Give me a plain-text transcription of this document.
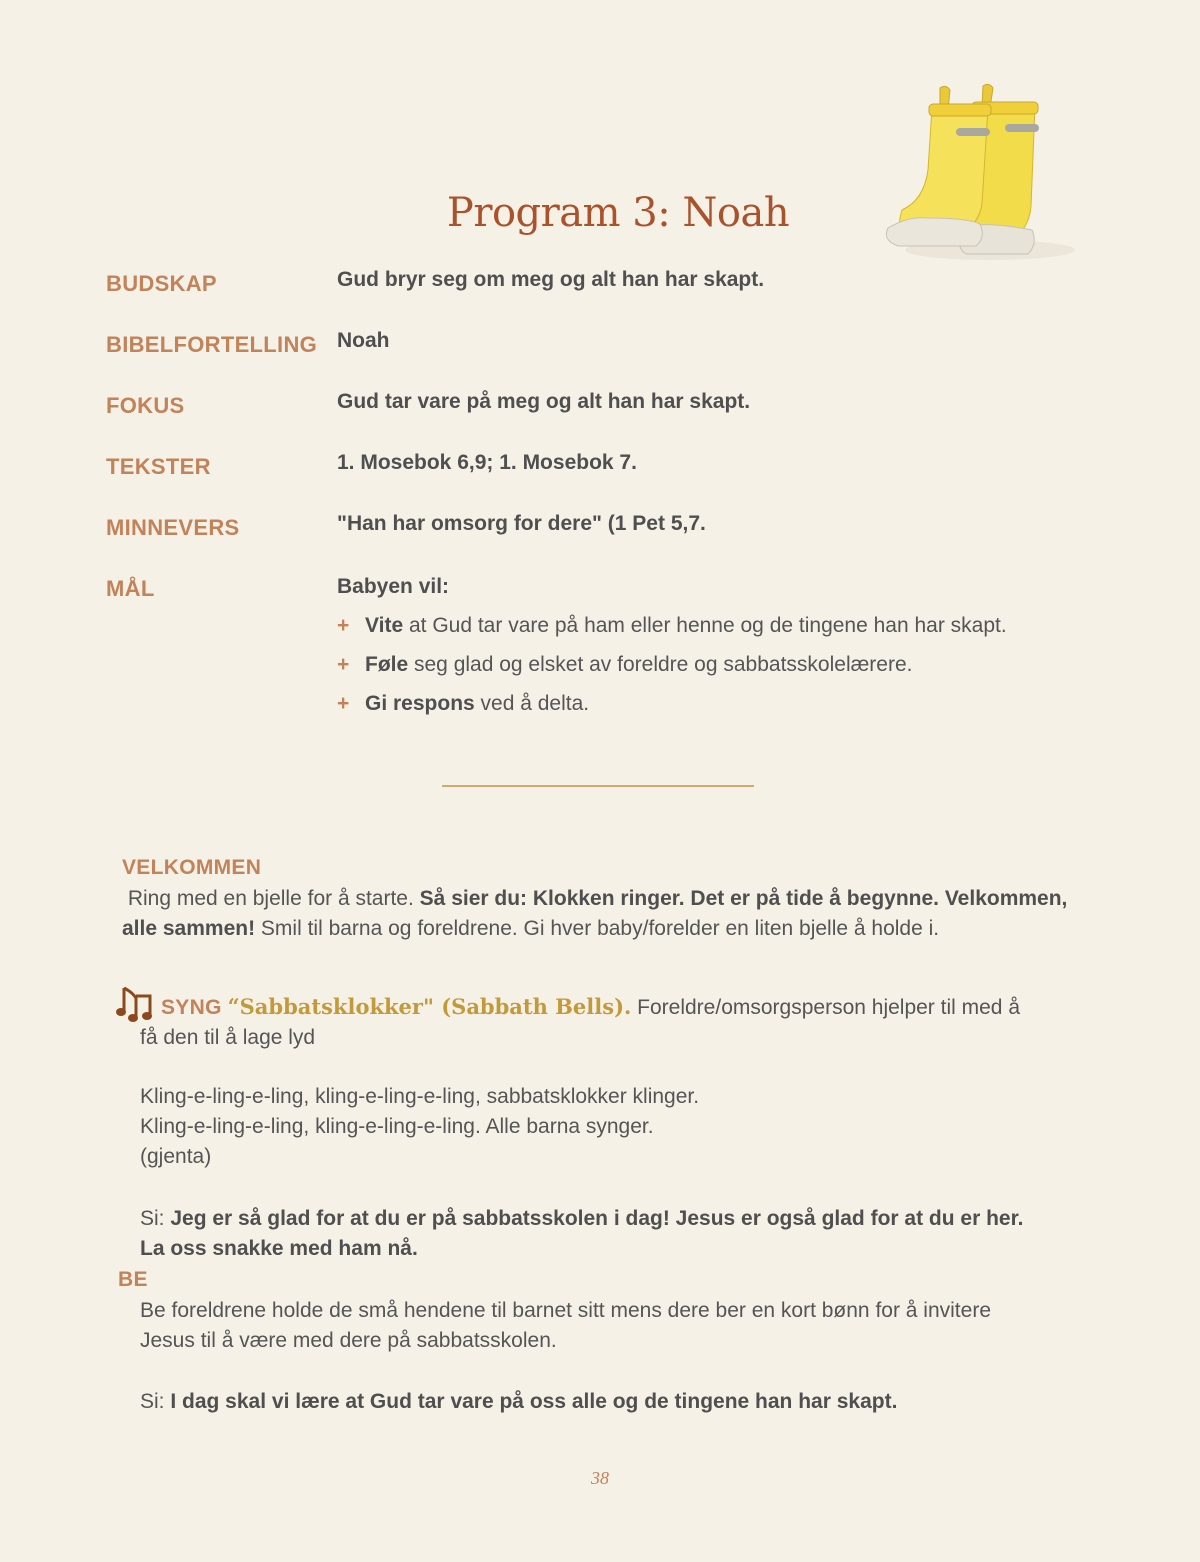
Program 3: Noah
BUDSKAP	Gud bryr seg om meg og alt han har skapt.
BIBELFORTELLING Noah
FOKUS	Gud tar vare på meg og alt han har skapt.
TEKSTER	1. Mosebok 6,9; 1. Mosebok 7.
MINNEVERS	"Han har omsorg for dere" (1 Pet 5,7.
MÅL	Babyen vil:
+ Vite at Gud tar vare på ham eller henne og de tingene han har skapt.
+ Føle seg glad og elsket av foreldre og sabbatsskolelærere.
+ Gi respons ved å delta.
VELKOMMEN
Ring med en bjelle for å starte. Så sier du: Klokken ringer. Det er på tide å begynne. Velkommen, alle sammen! Smil til barna og foreldrene. Gi hver baby/forelder en liten bjelle å holde i.
SYNG “Sabbatsklokker" (Sabbath Bells). Foreldre/omsorgsperson hjelper til med å få den til å lage lyd
Kling-e-ling-e-ling, kling-e-ling-e-ling, sabbatsklokker klinger.
Kling-e-ling-e-ling, kling-e-ling-e-ling. Alle barna synger.
(gjenta)
Si: Jeg er så glad for at du er på sabbatsskolen i dag! Jesus er også glad for at du er her. La oss snakke med ham nå.
BE
Be foreldrene holde de små hendene til barnet sitt mens dere ber en kort bønn for å invitere Jesus til å være med dere på sabbatsskolen.
Si: I dag skal vi lære at Gud tar vare på oss alle og de tingene han har skapt.
38
